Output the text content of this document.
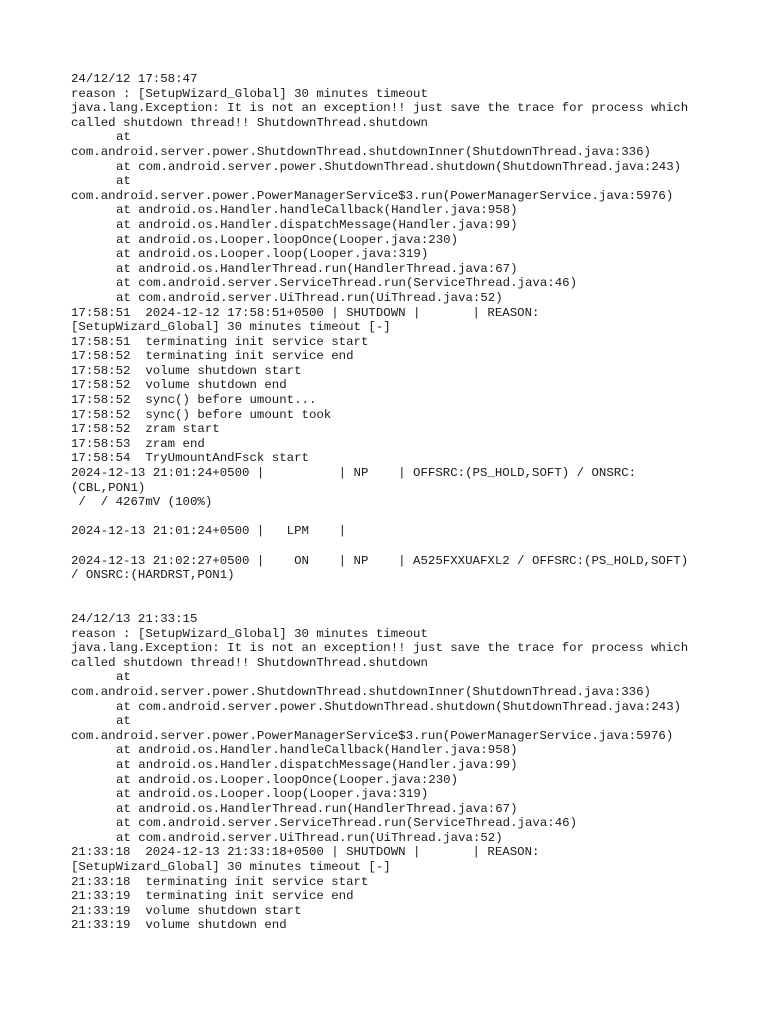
24/12/12 17:58:47
reason : [SetupWizard_Global] 30 minutes timeout
java.lang.Exception: It is not an exception!! just save the trace for process which
called shutdown thread!! ShutdownThread.shutdown
at
com.android.server.power.ShutdownThread.shutdownInner(ShutdownThread.java:336)
at com.android.server.power.ShutdownThread.shutdown(ShutdownThread.java:243)
at
com.android.server.power.PowerManagerService$3.run(PowerManagerService.java:5976)
at android.os.Handler.handleCallback(Handler.java:958)
at android.os.Handler.dispatchMessage(Handler.java:99)
at android.os.Looper.loopOnce(Looper.java:230)
at android.os.Looper.loop(Looper.java:319)
at android.os.HandlerThread.run(HandlerThread.java:67)
at com.android.server.ServiceThread.run(ServiceThread.java:46)
at com.android.server.UiThread.run(UiThread.java:52)
17:58:51  2024-12-12 17:58:51+0500 | SHUTDOWN |       | REASON:
[SetupWizard_Global] 30 minutes timeout [-]
17:58:51  terminating init service start
17:58:52  terminating init service end
17:58:52  volume shutdown start
17:58:52  volume shutdown end
17:58:52  sync() before umount...
17:58:52  sync() before umount took
17:58:52  zram start
17:58:53  zram end
17:58:54  TryUmountAndFsck start
2024-12-13 21:01:24+0500 |          | NP    | OFFSRC:(PS_HOLD,SOFT) / ONSRC:
(CBL,PON1)
/  / 4267mV (100%)
2024-12-13 21:01:24+0500 |   LPM    |
2024-12-13 21:02:27+0500 |    ON    | NP    | A525FXXUAFXL2 / OFFSRC:(PS_HOLD,SOFT)
/ ONSRC:(HARDRST,PON1)
24/12/13 21:33:15
reason : [SetupWizard_Global] 30 minutes timeout
java.lang.Exception: It is not an exception!! just save the trace for process which
called shutdown thread!! ShutdownThread.shutdown
at
com.android.server.power.ShutdownThread.shutdownInner(ShutdownThread.java:336)
at com.android.server.power.ShutdownThread.shutdown(ShutdownThread.java:243)
at
com.android.server.power.PowerManagerService$3.run(PowerManagerService.java:5976)
at android.os.Handler.handleCallback(Handler.java:958)
at android.os.Handler.dispatchMessage(Handler.java:99)
at android.os.Looper.loopOnce(Looper.java:230)
at android.os.Looper.loop(Looper.java:319)
at android.os.HandlerThread.run(HandlerThread.java:67)
at com.android.server.ServiceThread.run(ServiceThread.java:46)
at com.android.server.UiThread.run(UiThread.java:52)
21:33:18  2024-12-13 21:33:18+0500 | SHUTDOWN |       | REASON:
[SetupWizard_Global] 30 minutes timeout [-]
21:33:18  terminating init service start
21:33:19  terminating init service end
21:33:19  volume shutdown start
21:33:19  volume shutdown end
